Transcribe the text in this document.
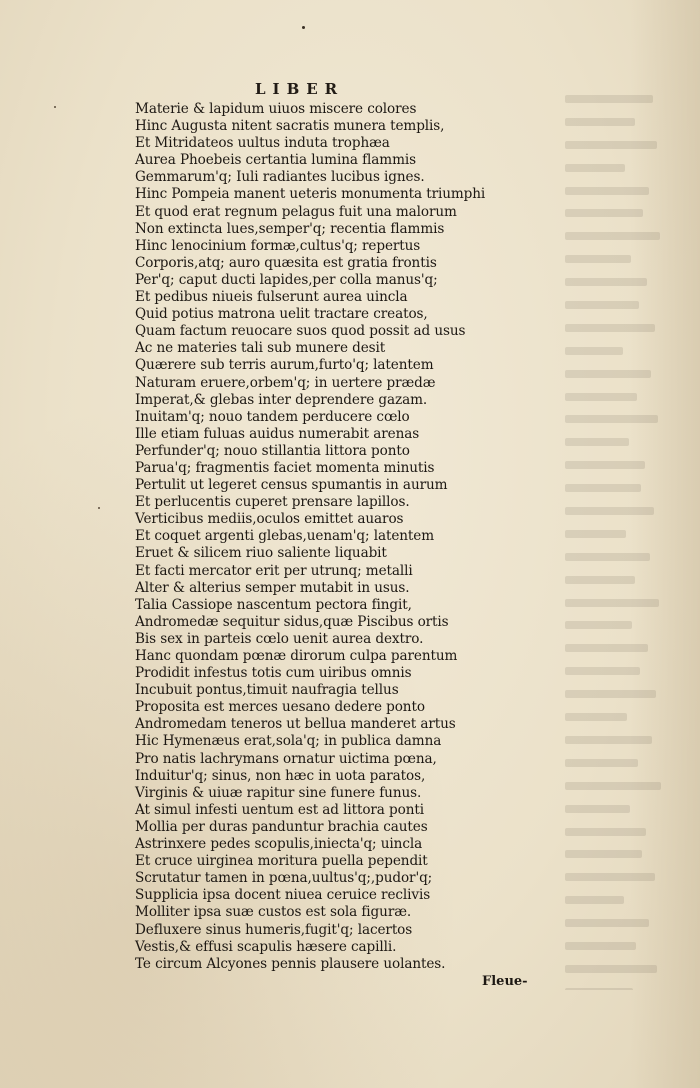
LIBER
Materie & lapidum uiuos miscere colores
Hinc Augusta nitent sacratis munera templis,
Et Mitridateos uultus induta trophæa
Aurea Phoebeis certantia lumina flammis
Gemmarum'q; Iuli radiantes lucibus ignes.
Hinc Pompeia manent ueteris monumenta triumphi
Et quod erat regnum pelagus fuit una malorum
Non extincta lues,semper'q; recentia flammis
Hinc lenocinium formæ,cultus'q; repertus
Corporis,atq; auro quæsita est gratia frontis
Per'q; caput ducti lapides,per colla manus'q;
Et pedibus niueis fulserunt aurea uincla
Quid potius matrona uelit tractare creatos,
Quam factum reuocare suos quod possit ad usus
Ac ne materies tali sub munere desit
Quærere sub terris aurum,furto'q; latentem
Naturam eruere,orbem'q; in uertere prædæ
Imperat,& glebas inter deprendere gazam.
Inuitam'q; nouo tandem perducere cœlo
Ille etiam fuluas auidus numerabit arenas
Perfunder'q; nouo stillantia littora ponto
Parua'q; fragmentis faciet momenta minutis
Pertulit ut legeret census spumantis in aurum
Et perlucentis cuperet prensare lapillos.
Verticibus mediis,oculos emittet auaros
Et coquet argenti glebas,uenam'q; latentem
Eruet & silicem riuo saliente liquabit
Et facti mercator erit per utrunq; metalli
Alter & alterius semper mutabit in usus.
Talia Cassiope nascentum pectora fingit,
Andromedæ sequitur sidus,quæ Piscibus ortis
Bis sex in parteis cœlo uenit aurea dextro.
Hanc quondam pœnæ dirorum culpa parentum
Prodidit infestus totis cum uiribus omnis
Incubuit pontus,timuit naufragia tellus
Proposita est merces uesano dedere ponto
Andromedam teneros ut bellua manderet artus
Hic Hymenæus erat,sola'q; in publica damna
Pro natis lachrymans ornatur uictima pœna,
Induitur'q; sinus, non hæc in uota paratos,
Virginis & uiuæ rapitur sine funere funus.
At simul infesti uentum est ad littora ponti
Mollia per duras panduntur brachia cautes
Astrinxere pedes scopulis,iniecta'q; uincla
Et cruce uirginea moritura puella pependit
Scrutatur tamen in pœna,uultus'q;,pudor'q;
Supplicia ipsa docent niuea ceruice reclivis
Molliter ipsa suæ custos est sola figuræ.
Defluxere sinus humeris,fugit'q; lacertos
Vestis,& effusi scapulis hæsere capilli.
Te circum Alcyones pennis plausere uolantes.
Fleue-
